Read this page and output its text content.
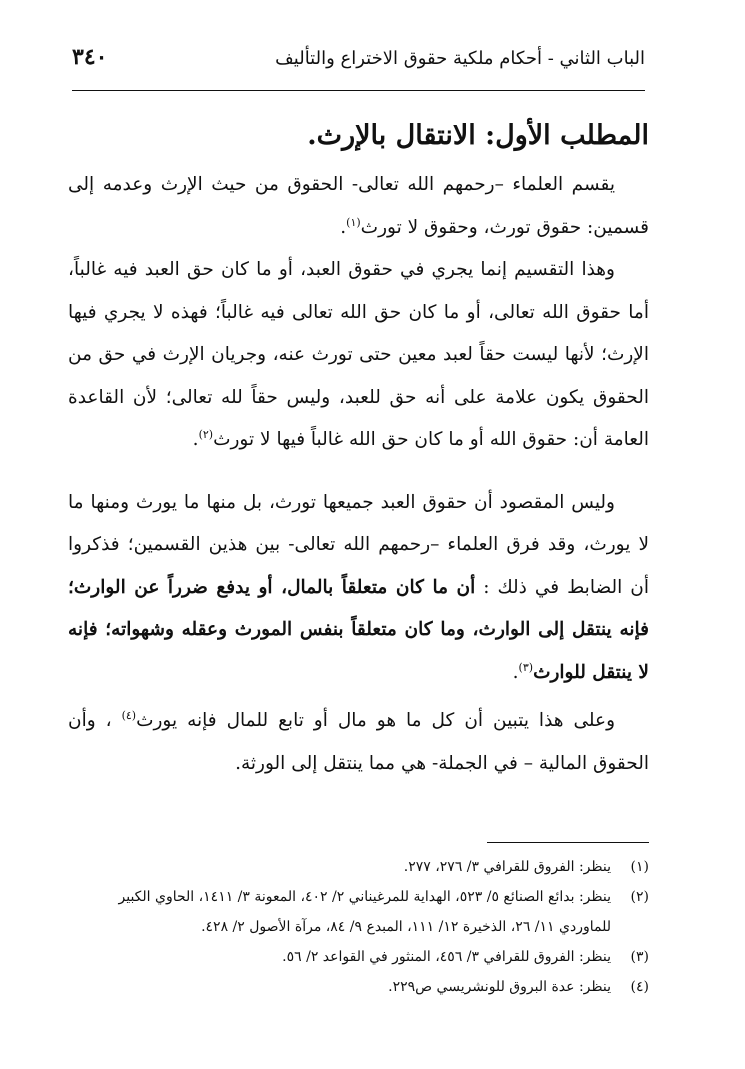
الباب الثاني - أحكام ملكية حقوق الاختراع والتأليف
٣٤٠
المطلب الأول: الانتقال بالإرث.

يقسم العلماء –رحمهم الله تعالى- الحقوق من حيث الإرث وعدمه إلى قسمين: حقوق تورث، وحقوق لا تورث$^{(١)}$.

وهذا التقسيم إنما يجري في حقوق العبد، أو ما كان حق العبد فيه غالباً، أما حقوق الله تعالى، أو ما كان حق الله تعالى فيه غالباً؛ فهذه لا يجري فيها الإرث؛ لأنها ليست حقاً لعبد معين حتى تورث عنه، وجريان الإرث في حق من الحقوق يكون علامة على أنه حق للعبد، وليس حقاً لله تعالى؛ لأن القاعدة العامة أن: حقوق الله أو ما كان حق الله غالباً فيها لا تورث$^{(٢)}$.

وليس المقصود أن حقوق العبد جميعها تورث، بل منها ما يورث ومنها ما لا يورث، وقد فرق العلماء –رحمهم الله تعالى- بين هذين القسمين؛ فذكروا أن الضابط في ذلك : أن ما كان متعلقاً بالمال، أو يدفع ضرراً عن الوارث؛ فإنه ينتقل إلى الوارث، وما كان متعلقاً بنفس المورث وعقله وشهواته؛ فإنه لا ينتقل للوارث$^{(٣)}$.

وعلى هذا يتبين أن كل ما هو مال أو تابع للمال فإنه يورث$^{(٤)}$ ، وأن الحقوق المالية – في الجملة- هي مما ينتقل إلى الورثة.

(١)
ينظر: الفروق للقرافي ٣/ ٢٧٦، ٢٧٧.
(٢)
ينظر: بدائع الصنائع ٥/ ٥٢٣، الهداية للمرغيناني ٢/ ٤٠٢، المعونة ٣/ ١٤١١، الحاوي الكبير للماوردي ١١/ ٢٦، الذخيرة ١٢/ ١١١، المبدع ٩/ ٨٤، مرآة الأصول ٢/ ٤٢٨.
(٣)
ينظر: الفروق للقرافي ٣/ ٤٥٦، المنثور في القواعد ٢/ ٥٦.
(٤)
ينظر: عدة البروق للونشريسي ص٢٢٩.
